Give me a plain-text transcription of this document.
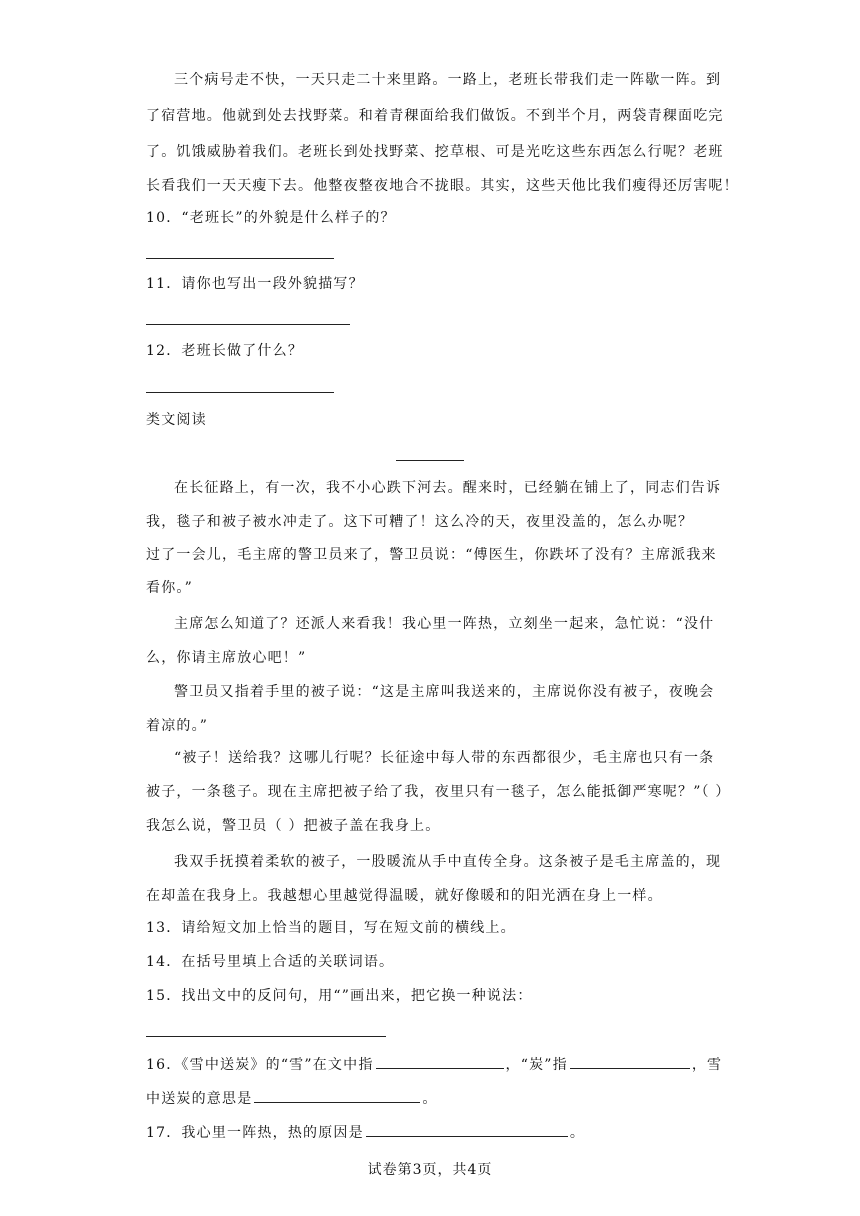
三个病号走不快，一天只走二十来里路。一路上，老班长带我们走一阵歇一阵。到
了宿营地。他就到处去找野菜。和着青稞面给我们做饭。不到半个月，两袋青稞面吃完
了。饥饿威胁着我们。老班长到处找野菜、挖草根、可是光吃这些东西怎么行呢？老班
长看我们一天天瘦下去。他整夜整夜地合不拢眼。其实，这些天他比我们瘦得还厉害呢！
10．“老班长”的外貌是什么样子的？
11．请你也写出一段外貌描写？
12．老班长做了什么？
类文阅读
在长征路上，有一次，我不小心跌下河去。醒来时，已经躺在铺上了，同志们告诉
我，毯子和被子被水冲走了。这下可糟了！这么冷的天，夜里没盖的，怎么办呢？
过了一会儿，毛主席的警卫员来了，警卫员说：“傅医生，你跌坏了没有？主席派我来
看你。”
主席怎么知道了？还派人来看我！我心里一阵热，立刻坐一起来，急忙说：“没什
么，你请主席放心吧！”
警卫员又指着手里的被子说：“这是主席叫我送来的，主席说你没有被子，夜晚会
着凉的。”
“被子！送给我？这哪儿行呢？长征途中每人带的东西都很少，毛主席也只有一条
被子，一条毯子。现在主席把被子给了我，夜里只有一毯子，怎么能抵御严寒呢？”（ ）
我怎么说，警卫员（ ）把被子盖在我身上。
我双手抚摸着柔软的被子，一股暖流从手中直传全身。这条被子是毛主席盖的，现
在却盖在我身上。我越想心里越觉得温暖，就好像暖和的阳光洒在身上一样。
13．请给短文加上恰当的题目，写在短文前的横线上。
14．在括号里填上合适的关联词语。
15．找出文中的反问句，用“”画出来，把它换一种说法：
16．《雪中送炭》的“雪”在文中指	，“炭”指	，雪
中送炭的意思是	。
17．我心里一阵热，热的原因是	。
试卷第3页，共4页
